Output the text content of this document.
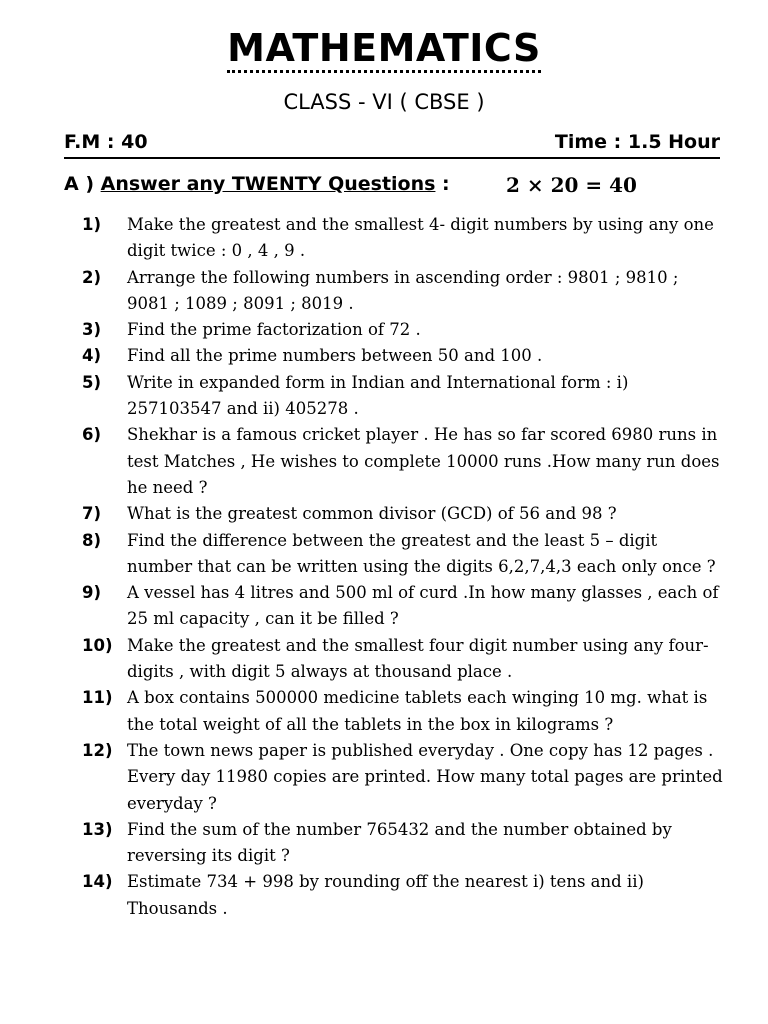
MATHEMATICS
CLASS - VI ( CBSE )
F.M : 40	Time : 1.5 Hour
A ) Answer any TWENTY Questions :	2 × 20 = 40
1) Make the greatest and the smallest 4- digit numbers by using any one digit twice : 0 , 4 , 9 .
2) Arrange the following numbers in ascending order : 9801 ; 9810 ; 9081 ; 1089 ; 8091 ; 8019 .
3) Find the prime factorization of 72 .
4) Find all the prime numbers between 50 and 100 .
5) Write in expanded form in Indian and International form : i) 257103547 and ii) 405278 .
6) Shekhar is a famous cricket player . He has so far scored 6980 runs in test Matches , He wishes to complete 10000 runs .How many run does he need ?
7) What is the greatest common divisor (GCD) of 56 and 98 ?
8) Find the difference between the greatest and the least 5 – digit number that can be written using the digits 6,2,7,4,3 each only once ?
9) A vessel has 4 litres and 500 ml of curd .In how many glasses , each of 25 ml capacity , can it be filled ?
10) Make the greatest and the smallest four digit number using any four-digits , with digit 5 always at thousand place .
11) A box contains 500000 medicine tablets each winging 10 mg. what is the total weight of all the tablets in the box in kilograms ?
12) The town news paper is published everyday . One copy has 12 pages . Every day 11980 copies are printed. How many total pages are printed everyday ?
13) Find the sum of the number 765432 and the number obtained by reversing its digit ?
14) Estimate 734 + 998 by rounding off the nearest i) tens and ii) Thousands .
